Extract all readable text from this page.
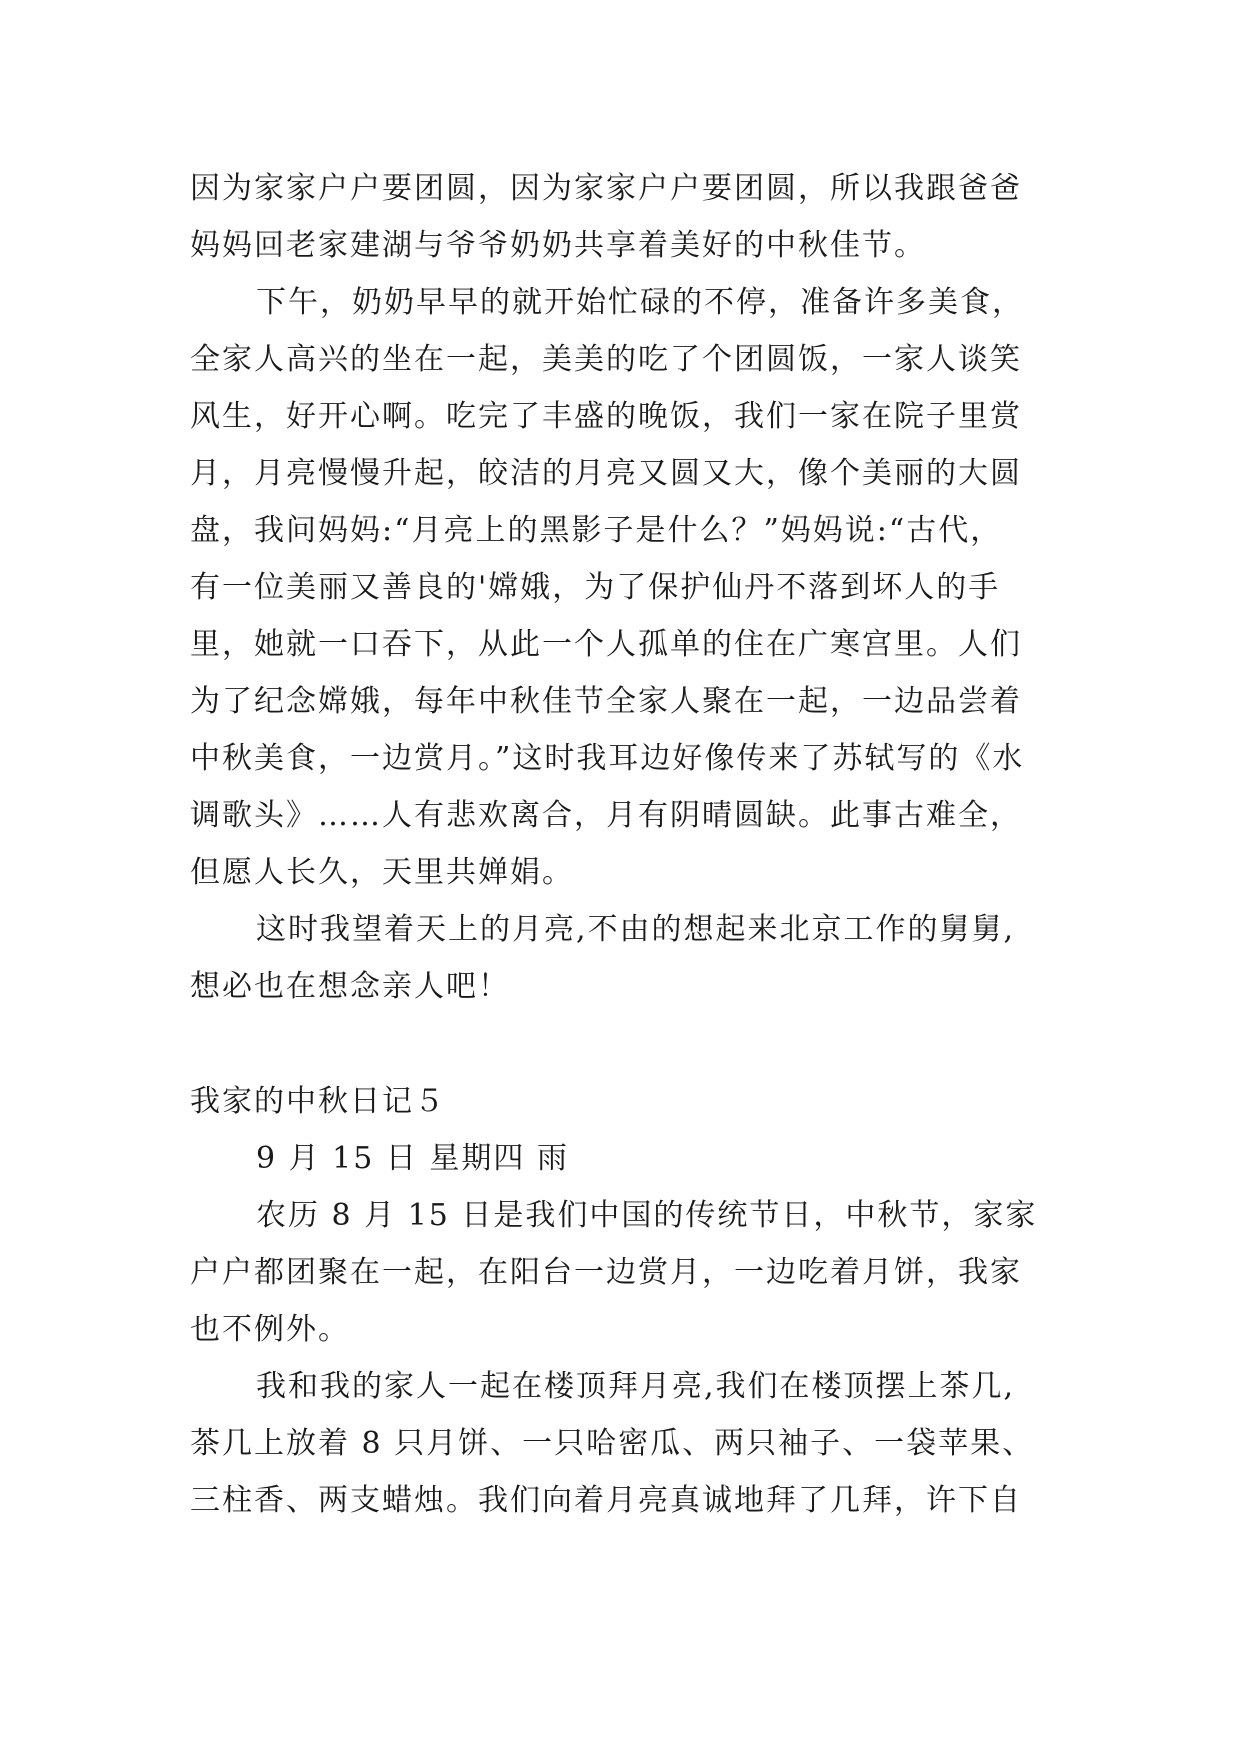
因为家家户户要团圆，因为家家户户要团圆，所以我跟爸爸
妈妈回老家建湖与爷爷奶奶共享着美好的中秋佳节。
下午，奶奶早早的就开始忙碌的不停，准备许多美食，
全家人高兴的坐在一起，美美的吃了个团圆饭，一家人谈笑
风生，好开心啊。吃完了丰盛的晚饭，我们一家在院子里赏
月，月亮慢慢升起，皎洁的月亮又圆又大，像个美丽的大圆
盘，我问妈妈:“月亮上的黑影子是什么？”妈妈说:“古代，
有一位美丽又善良的'嫦娥，为了保护仙丹不落到坏人的手
里，她就一口吞下，从此一个人孤单的住在广寒宫里。人们
为了纪念嫦娥，每年中秋佳节全家人聚在一起，一边品尝着
中秋美食，一边赏月。”这时我耳边好像传来了苏轼写的《水
调歌头》……人有悲欢离合，月有阴晴圆缺。此事古难全，
但愿人长久，天里共婵娟。
这时我望着天上的月亮,不由的想起来北京工作的舅舅,
想必也在想念亲人吧！
我家的中秋日记５
9 月 15 日 星期四 雨
农历 8 月 15 日是我们中国的传统节日，中秋节，家家
户户都团聚在一起，在阳台一边赏月，一边吃着月饼，我家
也不例外。
我和我的家人一起在楼顶拜月亮,我们在楼顶摆上茶几,
茶几上放着 8 只月饼、一只哈密瓜、两只袖子、一袋苹果、
三柱香、两支蜡烛。我们向着月亮真诚地拜了几拜，许下自
